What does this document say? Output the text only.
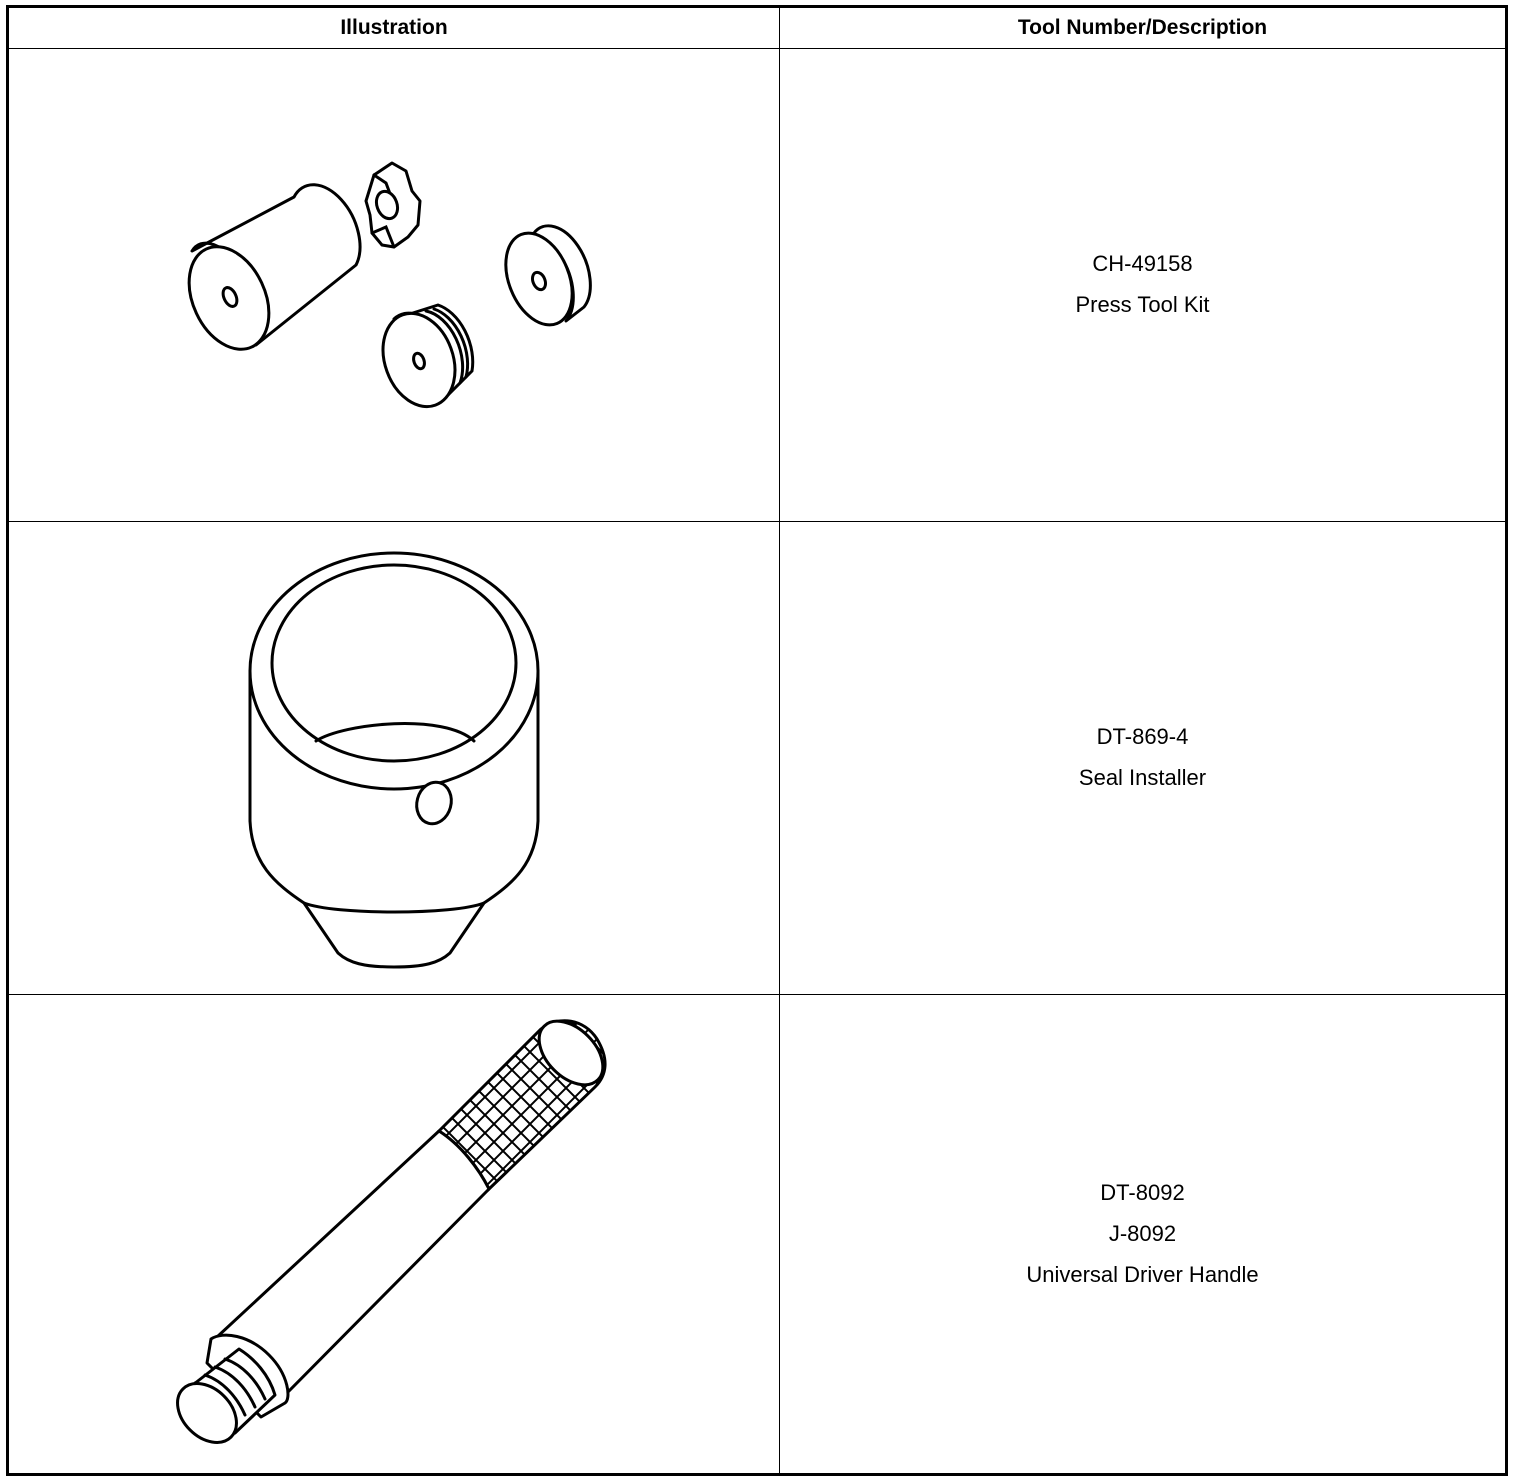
Illustration	Tool Number/Description

CH-49158
Press Tool Kit

DT-869-4
Seal Installer

DT-8092
J-8092
Universal Driver Handle
